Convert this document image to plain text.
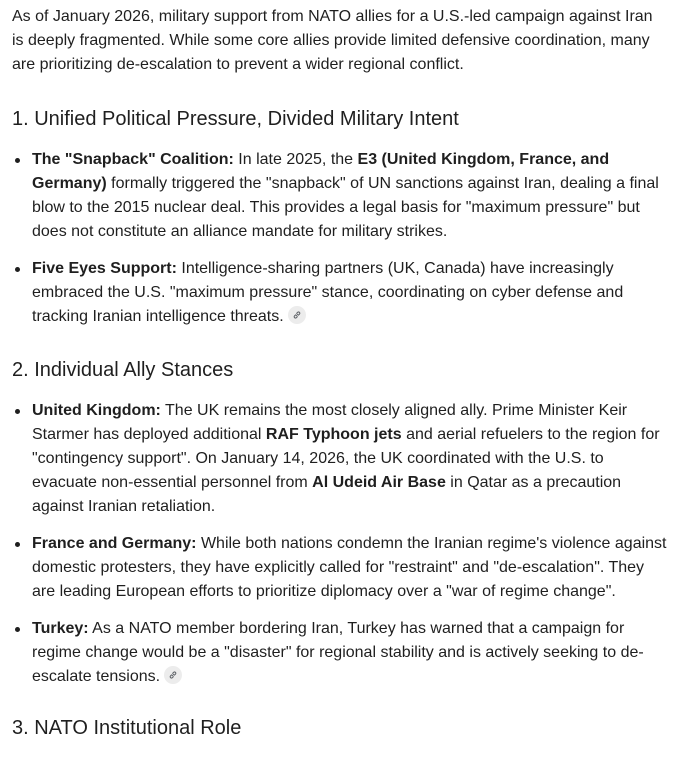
As of January 2026, military support from NATO allies for a U.S.-led campaign against Iran is deeply fragmented. While some core allies provide limited defensive coordination, many are prioritizing de-escalation to prevent a wider regional conflict.

1. Unified Political Pressure, Divided Military Intent
The "Snapback" Coalition: In late 2025, the E3 (United Kingdom, France, and Germany) formally triggered the "snapback" of UN sanctions against Iran, dealing a final blow to the 2015 nuclear deal. This provides a legal basis for "maximum pressure" but does not constitute an alliance mandate for military strikes.
Five Eyes Support: Intelligence-sharing partners (UK, Canada) have increasingly embraced the U.S. "maximum pressure" stance, coordinating on cyber defense and tracking Iranian intelligence threats.
2. Individual Ally Stances
United Kingdom: The UK remains the most closely aligned ally. Prime Minister Keir Starmer has deployed additional RAF Typhoon jets and aerial refuelers to the region for "contingency support". On January 14, 2026, the UK coordinated with the U.S. to evacuate non-essential personnel from Al Udeid Air Base in Qatar as a precaution against Iranian retaliation.
France and Germany: While both nations condemn the Iranian regime's violence against domestic protesters, they have explicitly called for "restraint" and "de-escalation". They are leading European efforts to prioritize diplomacy over a "war of regime change".
Turkey: As a NATO member bordering Iran, Turkey has warned that a campaign for regime change would be a "disaster" for regional stability and is actively seeking to de-escalate tensions.
3. NATO Institutional Role
